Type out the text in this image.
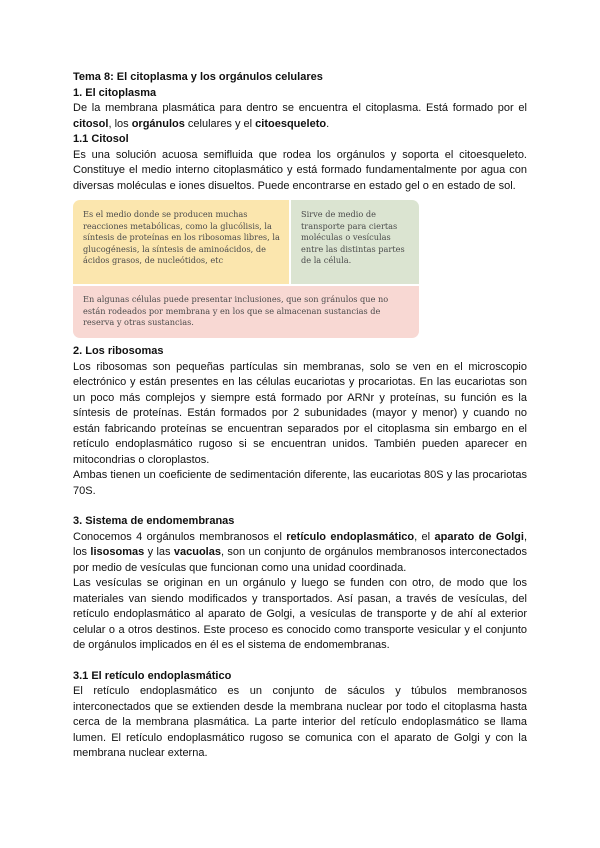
Tema 8: El citoplasma y los orgánulos celulares

1. El citoplasma

De la membrana plasmática para dentro se encuentra el citoplasma. Está formado por el citosol, los orgánulos celulares y el citoesqueleto.

1.1 Citosol

Es una solución acuosa semifluida que rodea los orgánulos y soporta el citoesqueleto. Constituye el medio interno citoplasmático y está formado fundamentalmente por agua con diversas moléculas e iones disueltos. Puede encontrarse en estado gel o en estado de sol.

Es el medio donde se producen muchas reacciones metabólicas, como la glucólisis, la síntesis de proteínas en los ribosomas libres, la glucogénesis, la síntesis de aminoácidos, de ácidos grasos, de nucleótidos, etc
Sirve de medio de transporte para ciertas moléculas o vesículas entre las distintas partes de la célula.
En algunas células puede presentar inclusiones, que son gránulos que no están rodeados por membrana y en los que se almacenan sustancias de reserva y otras sustancias.

2. Los ribosomas

Los ribosomas son pequeñas partículas sin membranas, solo se ven en el microscopio electrónico y están presentes en las células eucariotas y procariotas. En las eucariotas son un poco más complejos y siempre está formado por ARNr y proteínas, su función es la síntesis de proteínas. Están formados por 2 subunidades (mayor y menor) y cuando no están fabricando proteínas se encuentran separados por el citoplasma sin embargo en el retículo endoplasmático rugoso si se encuentran unidos. También pueden aparecer en mitocondrias o cloroplastos.

Ambas tienen un coeficiente de sedimentación diferente, las eucariotas 80S y las procariotas 70S.

3. Sistema de endomembranas

Conocemos 4 orgánulos membranosos el retículo endoplasmático, el aparato de Golgi, los lisosomas y las vacuolas, son un conjunto de orgánulos membranosos interconectados por medio de vesículas que funcionan como una unidad coordinada.

Las vesículas se originan en un orgánulo y luego se funden con otro, de modo que los materiales van siendo modificados y transportados. Así pasan, a través de vesículas, del retículo endoplasmático al aparato de Golgi, a vesículas de transporte y de ahí al exterior celular o a otros destinos. Este proceso es conocido como transporte vesicular y el conjunto de orgánulos implicados en él es el sistema de endomembranas.

3.1 El retículo endoplasmático

El retículo endoplasmático es un conjunto de sáculos y túbulos membranosos interconectados que se extienden desde la membrana nuclear por todo el citoplasma hasta cerca de la membrana plasmática. La parte interior del retículo endoplasmático se llama lumen. El retículo endoplasmático rugoso se comunica con el aparato de Golgi y con la membrana nuclear externa.
